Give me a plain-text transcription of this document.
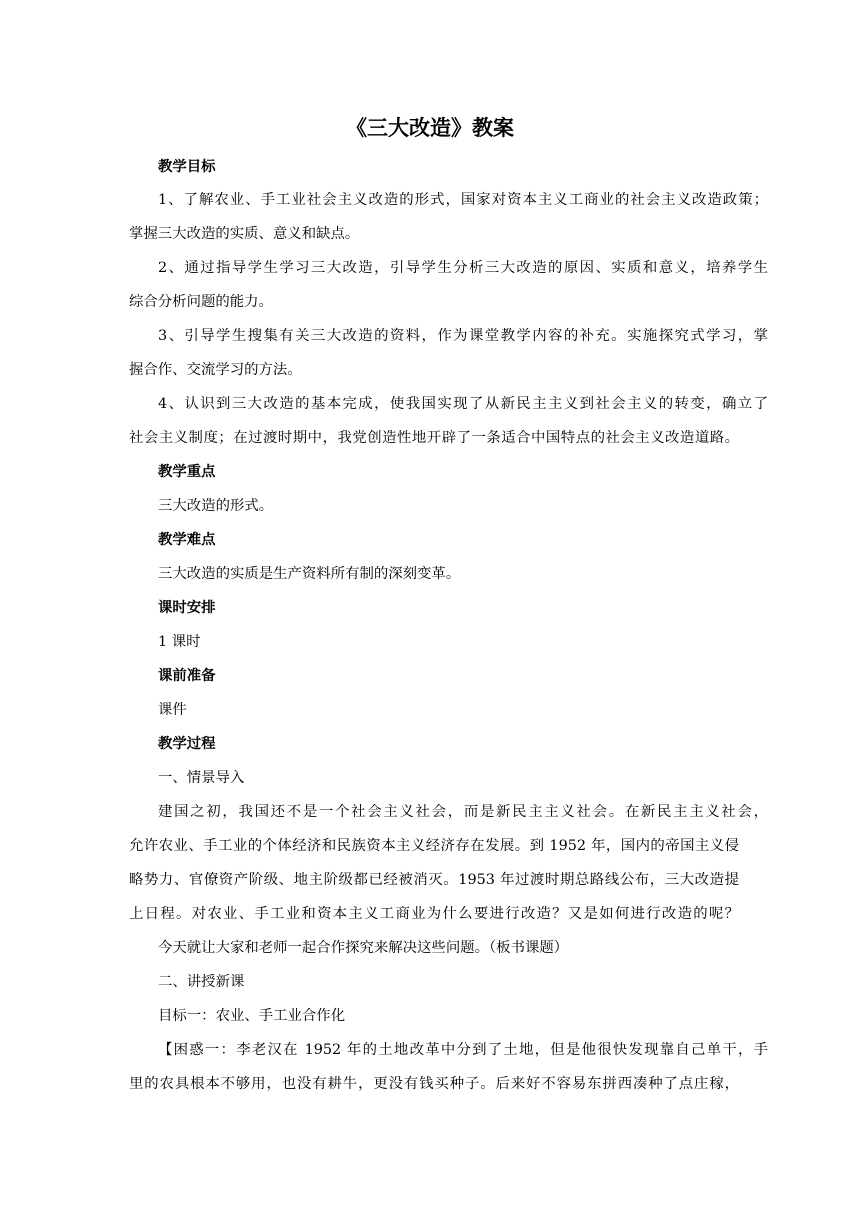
《三大改造》教案
教学目标
1、了解农业、手工业社会主义改造的形式，国家对资本主义工商业的社会主义改造政策；
掌握三大改造的实质、意义和缺点。
2、通过指导学生学习三大改造，引导学生分析三大改造的原因、实质和意义，培养学生
综合分析问题的能力。
3、引导学生搜集有关三大改造的资料，作为课堂教学内容的补充。实施探究式学习，掌
握合作、交流学习的方法。
4、认识到三大改造的基本完成，使我国实现了从新民主主义到社会主义的转变，确立了
社会主义制度；在过渡时期中，我党创造性地开辟了一条适合中国特点的社会主义改造道路。
教学重点
三大改造的形式。
教学难点
三大改造的实质是生产资料所有制的深刻变革。
课时安排
1 课时
课前准备
课件
教学过程
一、情景导入
建国之初，我国还不是一个社会主义社会，而是新民主主义社会。在新民主主义社会，
允许农业、手工业的个体经济和民族资本主义经济存在发展。到 1952 年，国内的帝国主义侵
略势力、官僚资产阶级、地主阶级都已经被消灭。1953 年过渡时期总路线公布，三大改造提
上日程。对农业、手工业和资本主义工商业为什么要进行改造？又是如何进行改造的呢？
今天就让大家和老师一起合作探究来解决这些问题。（板书课题）
二、讲授新课
目标一：农业、手工业合作化
【困惑一：李老汉在 1952 年的土地改革中分到了土地，但是他很快发现靠自己单干，手
里的农具根本不够用，也没有耕牛，更没有钱买种子。后来好不容易东拼西凑种了点庄稼，
